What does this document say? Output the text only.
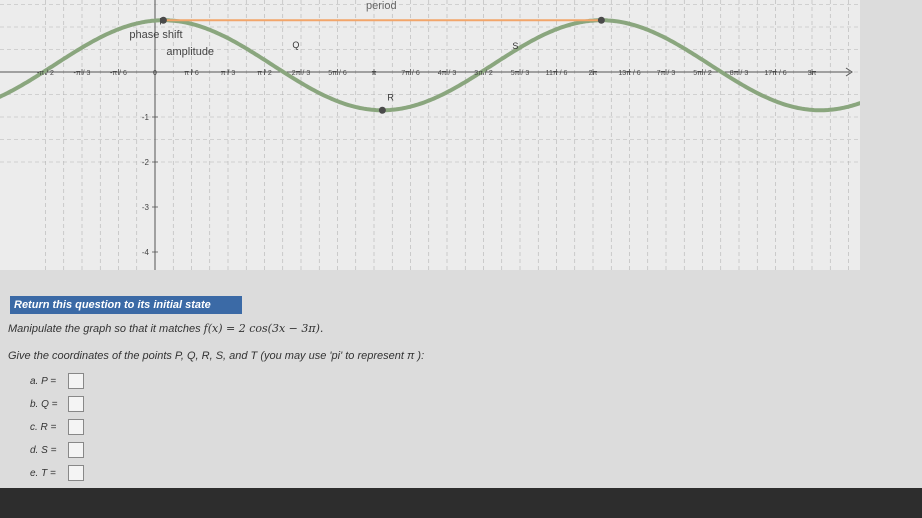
-π / 2	-π / 3	-π / 6	0	π / 6	π / 3	π / 2	2π / 3	5π / 6	π	7π / 6	4π / 3	3π / 2	5π / 3 11π / 6	2π	13π / 6 7π / 3	5π / 2	8π / 3 17π / 6	3π
-1
-2
-3
-4
phase shift
amplitude
Q
R
S
period
Return this question to its initial state
Manipulate the graph so that it matches f(x) = 2 cos(3x − 3π).
Give the coordinates of the points P, Q, R, S, and T (you may use 'pi' to represent π ):
a. P =
b. Q =
c. R =
d. S =
e. T =
